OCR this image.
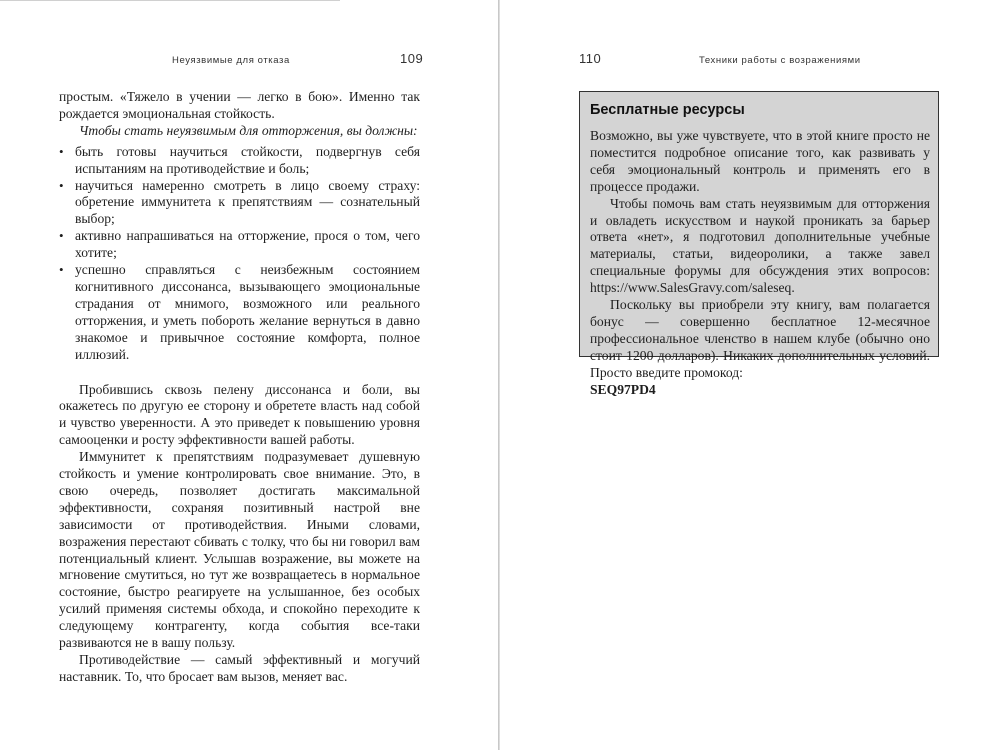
Неуязвимые для отказа	109

простым. «Тяжело в учении — легко в бою». Именно так рождается эмоциональная стойкость.

Чтобы стать неуязвимым для отторжения, вы должны:

• быть готовы научиться стойкости, подвергнув себя испытаниям на противодействие и боль;
• научиться намеренно смотреть в лицо своему страху: обретение иммунитета к препятствиям — сознательный выбор;
• активно напрашиваться на отторжение, прося о том, чего хотите;
• успешно справляться с неизбежным состоянием когнитивного диссонанса, вызывающего эмоциональные страдания от мнимого, возможного или реального отторжения, и уметь побороть желание вернуться в давно знакомое и привычное состояние комфорта, полное иллюзий.

Пробившись сквозь пелену диссонанса и боли, вы окажетесь по другую ее сторону и обретете власть над собой и чувство уверенности. А это приведет к повышению уровня самооценки и росту эффективности вашей работы.

Иммунитет к препятствиям подразумевает душевную стойкость и умение контролировать свое внимание. Это, в свою очередь, позволяет достигать максимальной эффективности, сохраняя позитивный настрой вне зависимости от противодействия. Иными словами, возражения перестают сбивать с толку, что бы ни говорил вам потенциальный клиент. Услышав возражение, вы можете на мгновение смутиться, но тут же возвращаетесь в нормальное состояние, быстро реагируете на услышанное, без особых усилий применяя системы обхода, и спокойно переходите к следующему контрагенту, когда события все-таки развиваются не в вашу пользу.

Противодействие — самый эффективный и могучий наставник. То, что бросает вам вызов, меняет вас.

110	Техники работы с возражениями
Бесплатные ресурсы

Возможно, вы уже чувствуете, что в этой книге просто не поместится подробное описание того, как развивать у себя эмоциональный контроль и применять его в процессе продажи.

Чтобы помочь вам стать неуязвимым для отторжения и овладеть искусством и наукой проникать за барьер ответа «нет», я подготовил дополнительные учебные материалы, статьи, видеоролики, а также завел специальные форумы для обсуждения этих вопросов: https://www.SalesGravy.com/saleseq.

Поскольку вы приобрели эту книгу, вам полагается бонус — совершенно бесплатное 12-месячное профессиональное членство в нашем клубе (обычно оно стоит 1200 долларов). Никаких дополнительных условий. Просто введите промокод:
SEQ97PD4
